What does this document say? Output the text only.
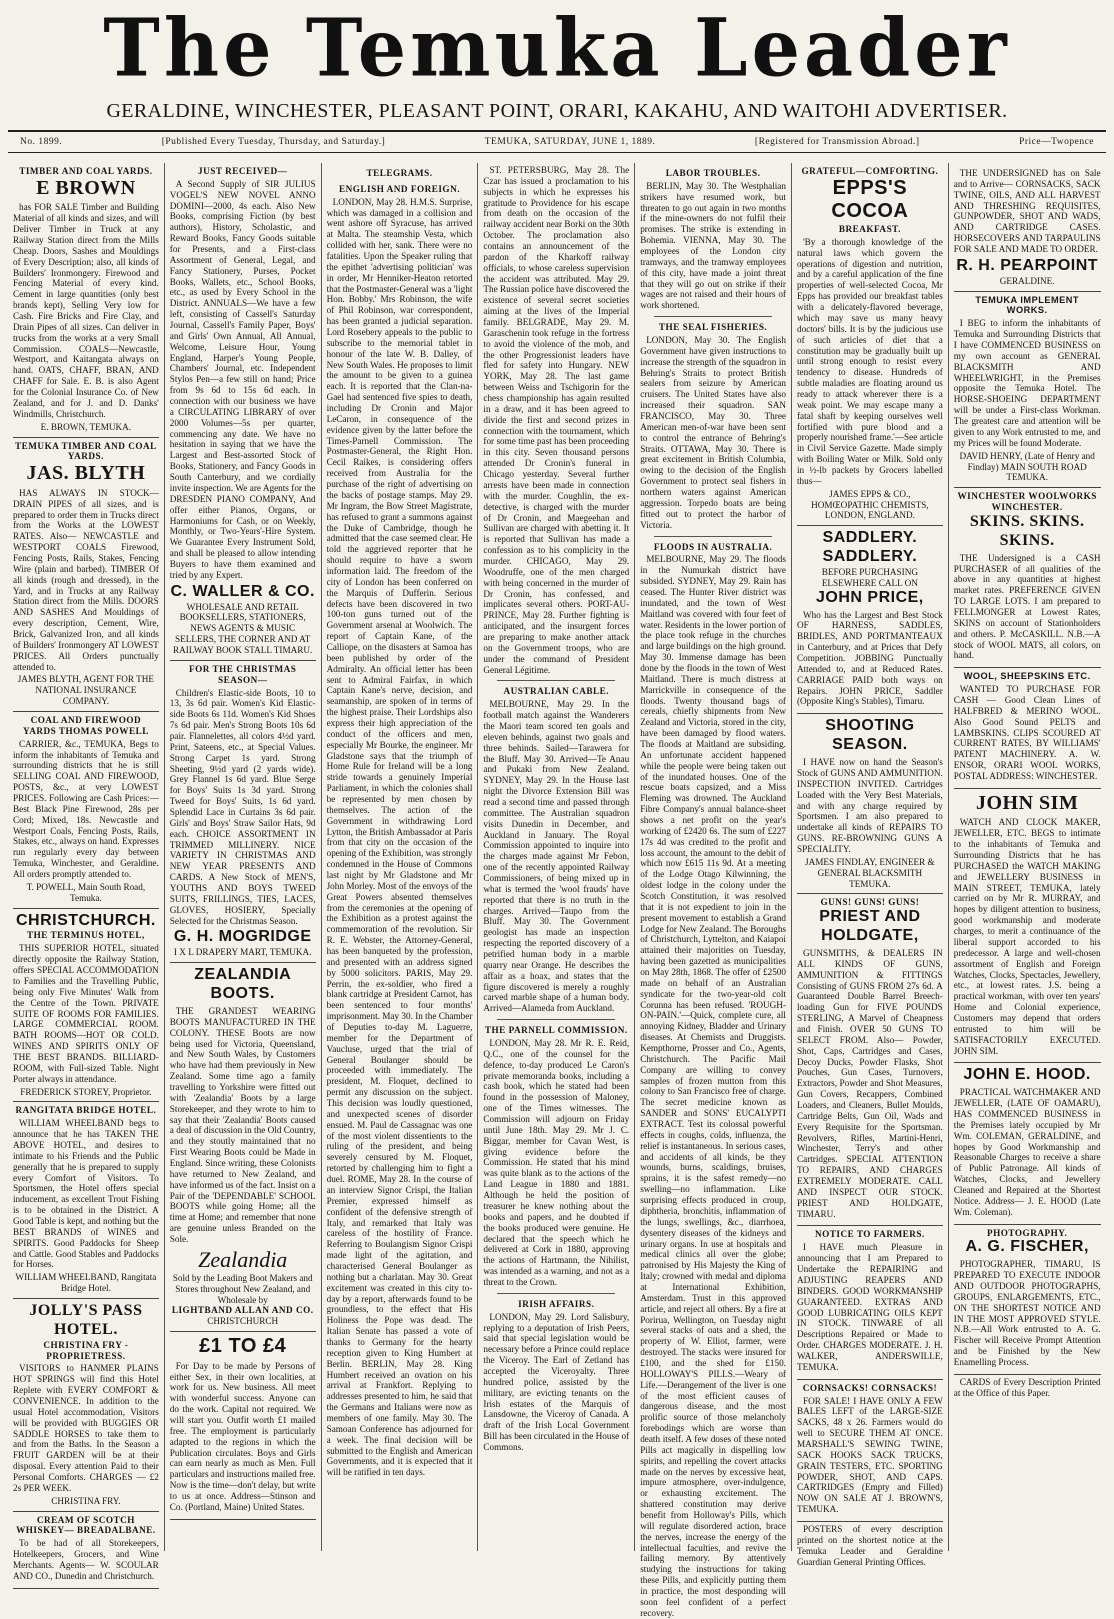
The Temuka Leader
GERALDINE, WINCHESTER, PLEASANT POINT, ORARI, KAKAHU, AND WAITOHI ADVERTISER.
No. 1899.	[Published Every Tuesday, Thursday, and Saturday.]	TEMUKA, SATURDAY, JUNE 1, 1889.	[Registered for Transmission Abroad.]	Price—Twopence
TIMBER AND COAL YARDS.
E BROWN

has FOR SALE Timber and Building Material of all kinds and sizes, and will Deliver Timber in Truck at any Railway Station direct from the Mills Cheap. Doors, Sashes and Mouldings of Every Description; also, all kinds of Builders' Ironmongery. Firewood and Fencing Material of every kind. Cement in large quantities (only best brands kept), Selling Very low for Cash. Fire Bricks and Fire Clay, and Drain Pipes of all sizes. Can deliver in trucks from the works at a very Small Commission. COALS—Newcastle, Westport, and Kaitangata always on hand. OATS, CHAFF, BRAN, AND CHAFF for Sale. E. B. is also Agent for the Colonial Insurance Co. of New Zealand, and for J. and D. Danks' Windmills, Christchurch.

E. BROWN, TEMUKA.
TEMUKA TIMBER AND COAL YARDS.
JAS. BLYTH

HAS ALWAYS IN STOCK— DRAIN PIPES of all sizes, and is prepared to order them in Trucks direct from the Works at the LOWEST RATES. Also— NEWCASTLE and WESTPORT COALS Firewood, Fencing Posts, Rails, Stakes, Fencing Wire (plain and barbed). TIMBER Of all kinds (rough and dressed), in the Yard, and in Trucks at any Railway Station direct from the Mills. DOORS AND SASHES And Mouldings of every description, Cement, Wire, Brick, Galvanized Iron, and all kinds of Builders' Ironmongery AT LOWEST PRICES. All Orders punctually attended to.

JAMES BLYTH, AGENT FOR THE NATIONAL INSURANCE COMPANY.
COAL AND FIREWOOD YARDS THOMAS POWELL

CARRIER, &c., TEMUKA, Begs to inform the inhabitants of Temuka and surrounding districts that he is still SELLING COAL AND FIREWOOD, POSTS, &c., at very LOWEST PRICES. Following are Cash Prices:—Best Black Pine Firewood, 28s per Cord; Mixed, 18s. Newcastle and Westport Coals, Fencing Posts, Rails, Stakes, etc., always on hand. Expresses run regularly every day between Temuka, Winchester, and Geraldine. All orders promptly attended to.

T. POWELL, Main South Road, Temuka.
CHRISTCHURCH.
THE TERMINUS HOTEL,

THIS SUPERIOR HOTEL, situated directly opposite the Railway Station, offers SPECIAL ACCOMMODATION to Families and the Travelling Public, being only Five Minutes' Walk from the Centre of the Town. PRIVATE SUITE OF ROOMS FOR FAMILIES. LARGE COMMERCIAL ROOM. BATH ROOMS—HOT OR COLD. WINES AND SPIRITS ONLY OF THE BEST BRANDS. BILLIARD-ROOM, with Full-sized Table. Night Porter always in attendance.

FREDERICK STOREY, Proprietor.
RANGITATA BRIDGE HOTEL.

WILLIAM WHEELBAND begs to announce that he has TAKEN THE ABOVE HOTEL, and desires to intimate to his Friends and the Public generally that he is prepared to supply every Comfort of Visitors. To Sportsmen, the Hotel offers special inducement, as excellent Trout Fishing is to be obtained in the District. A Good Table is kept, and nothing but the BEST BRANDS of WINES and SPIRITS. Good Paddocks for Sheep and Cattle. Good Stables and Paddocks for Horses.

WILLIAM WHEELBAND, Rangitata Bridge Hotel.
JOLLY'S PASS HOTEL.
CHRISTINA FRY - PROPRIETRESS.

VISITORS to HANMER PLAINS HOT SPRINGS will find this Hotel Replete with EVERY COMFORT & CONVENIENCE. In addition to the usual Hotel accommodation, Visitors will be provided with BUGGIES OR SADDLE HORSES to take them to and from the Baths. In the Season a FRUIT GARDEN will be at their disposal. Every attention Paid to their Personal Comforts. CHARGES — £2 2s PER WEEK.

CHRISTINA FRY.
CREAM OF SCOTCH WHISKEY— BREADALBANE.

To be had of all Storekeepers, Hotelkeepers, Grocers, and Wine Merchants. Agents— W. SCOULAR AND CO., Dunedin and Christchurch.

JUST RECEIVED—

A Second Supply of SIR JULIUS VOGEL'S NEW NOVEL ANNO DOMINI—2000, 4s each. Also New Books, comprising Fiction (by best authors), History, Scholastic, and Reward Books, Fancy Goods suitable for Presents, and a First-class Assortment of General, Legal, and Fancy Stationery, Purses, Pocket Books, Wallets, etc., School Books, etc., as used by Every School in the District. ANNUALS—We have a few left, consisting of Cassell's Saturday Journal, Cassell's Family Paper, Boys' and Girls' Own Annual, All Annual, Welcome, Leisure Hour, Young England, Harper's Young People, Chambers' Journal, etc. Independent Stylos Pen—a few still on hand; Price from 9s 6d to 15s 6d each. In connection with our business we have a CIRCULATING LIBRARY of over 2000 Volumes—5s per quarter, commencing any date. We have no hesitation in saying that we have the Largest and Best-assorted Stock of Books, Stationery, and Fancy Goods in South Canterbury, and we cordially invite inspection. We are Agents for the DRESDEN PIANO COMPANY, And offer either Pianos, Organs, or Harmoniums for Cash, or on Weekly, Monthly, or Two-Years'-Hire System. We Guarantee Every Instrument Sold, and shall be pleased to allow intending Buyers to have them examined and tried by any Expert.

C. WALLER & CO.
WHOLESALE AND RETAIL BOOKSELLERS, STATIONERS, NEWS AGENTS & MUSIC SELLERS, THE CORNER AND AT RAILWAY BOOK STALL TIMARU.
FOR THE CHRISTMAS SEASON—

Children's Elastic-side Boots, 10 to 13, 3s 6d pair. Women's Kid Elastic-side Boots 6s 11d. Women's Kid Shoes 7s 6d pair. Men's Strong Boots 10s 6d pair. Flannelettes, all colors 4½d yard. Print, Sateens, etc., at Special Values. Strong Carpet 1s yard. Strong Sheeting, 9½d yard (2 yards wide). Grey Flannel 1s 6d yard. Blue Serge for Boys' Suits 1s 3d yard. Strong Tweed for Boys' Suits, 1s 6d yard. Splendid Lace in Curtains 3s 6d pair. Girls' and Boys' Straw Sailor Hats, 9d each. CHOICE ASSORTMENT IN TRIMMED MILLINERY. NICE VARIETY IN CHRISTMAS AND NEW YEAR PRESENTS AND CARDS. A New Stock of MEN'S, YOUTHS AND BOYS TWEED SUITS, FRILLINGS, TIES, LACES, GLOVES, HOSIERY, Specially Selected for the Christmas Season.

G. H. MOGRIDGE
I X L DRAPERY MART, TEMUKA.
ZEALANDIA BOOTS.

THE GRANDEST WEARING BOOTS MANUFACTURED IN THE COLONY. THESE Boots are now being used for Victoria, Queensland, and New South Wales, by Customers who have had them previously in New Zealand. Some time ago a family travelling to Yorkshire were fitted out with 'Zealandia' Boots by a large Storekeeper, and they wrote to him to say that their 'Zealandia' Boots caused a deal of discussion in the Old Country, and they stoutly maintained that no First Wearing Boots could be Made in England. Since writing, these Colonists have returned to New Zealand, and have informed us of the fact. Insist on a Pair of the 'DEPENDABLE' SCHOOL BOOTS while going Home; all the time at Home; and remember that none are genuine unless Branded on the Sole.

Zealandia
Sold by the Leading Boot Makers and Stores throughout New Zealand, and Wholesale by
LIGHTBAND ALLAN AND CO.
CHRISTCHURCH
£1 TO £4

For Day to be made by Persons of either Sex, in their own localities, at work for us. New business. All meet with wonderful success. Anyone can do the work. Capital not required. We will start you. Outfit worth £1 mailed free. The employment is particularly adapted to the regions in which the Publication circulates. Boys and Girls can earn nearly as much as Men. Full particulars and instructions mailed free. Now is the time—don't delay, but write to us at once. Address—Stinson and Co. (Portland, Maine) United States.

TELEGRAMS.
ENGLISH AND FOREIGN.

LONDON, May 28. H.M.S. Surprise, which was damaged in a collision and went ashore off Syracuse, has arrived at Malta. The steamship Vesta, which collided with her, sank. There were no fatalities. Upon the Speaker ruling that the epithet 'advertising politician' was in order, Mr Henniker-Heaton retorted that the Postmaster-General was a 'light Hon. Bobby.' Mrs Robinson, the wife of Phil Robinson, war correspondent, has been granted a judicial separation. Lord Rosebery appeals to the public to subscribe to the memorial tablet in honour of the late W. B. Dalley, of New South Wales. He proposes to limit the amount to be given to a guinea each. It is reported that the Clan-na-Gael had sentenced five spies to death, including Dr Cronin and Major LeCaron, in consequence of the evidence given by the latter before the Times-Parnell Commission. The Postmaster-General, the Right Hon. Cecil Raikes, is considering offers received from Australia for the purchase of the right of advertising on the backs of postage stamps. May 29. Mr Ingram, the Bow Street Magistrate, has refused to grant a summons against the Duke of Cambridge, though he admitted that the case seemed clear. He told the aggrieved reporter that he should require to have a sworn information laid. The freedom of the city of London has been conferred on the Marquis of Dufferin. Serious defects have been discovered in two 100-ton guns turned out of the Government arsenal at Woolwich. The report of Captain Kane, of the Calliope, on the disasters at Samoa has been published by order of the Admiralty. An official letter has been sent to Admiral Fairfax, in which Captain Kane's nerve, decision, and seamanship, are spoken of in terms of the highest praise. Their Lordships also express their high appreciation of the conduct of the officers and men, especially Mr Bourke, the engineer. Mr Gladstone says that the triumph of Home Rule for Ireland will be a long stride towards a genuinely Imperial Parliament, in which the colonies shall be represented by men chosen by themselves. The action of the Government in withdrawing Lord Lytton, the British Ambassador at Paris from that city on the occasion of the opening of the Exhibition, was strongly condemned in the House of Commons last night by Mr Gladstone and Mr John Morley. Most of the envoys of the Great Powers absented themselves from the ceremonies at the opening of the Exhibition as a protest against the commemoration of the revolution. Sir R. E. Webster, the Attorney-General, has been banqueted by the profession, and presented with an address signed by 5000 solicitors. PARIS, May 29. Perrin, the ex-soldier, who fired a blank cartridge at President Carnot, has been sentenced to four months' imprisonment. May 30. In the Chamber of Deputies to-day M. Laguerre, member for the Department of Vaucluse, urged that the trial of General Boulanger should be proceeded with immediately. The president, M. Floquet, declined to permit any discussion on the subject. This decision was loudly questioned, and unexpected scenes of disorder ensued. M. Paul de Cassagnac was one of the most violent dissentients to the ruling of the president, and being severely censured by M. Floquet, retorted by challenging him to fight a duel. ROME, May 28. In the course of an interview Signor Crispi, the Italian Premier, expressed himself as confident of the defensive strength of Italy, and remarked that Italy was careless of the hostility of France. Referring to Boulangism Signor Crispi made light of the agitation, and characterised General Boulanger as nothing but a charlatan. May 30. Great excitement was created in this city to-day by a report, afterwards found to be groundless, to the effect that His Holiness the Pope was dead. The Italian Senate has passed a vote of thanks to Germany for the hearty reception given to King Humbert at Berlin. BERLIN, May 28. King Humbert received an ovation on his arrival at Frankfort. Replying to addresses presented to him, he said that the Germans and Italians were now as members of one family. May 30. The Samoan Conference has adjourned for a week. The final decision will be submitted to the English and American Governments, and it is expected that it will be ratified in ten days.

ST. PETERSBURG, May 28. The Czar has issued a proclamation to his subjects in which he expresses his gratitude to Providence for his escape from death on the occasion of the railway accident near Borki on the 30th October. The proclamation also contains an announcement of the pardon of the Kharkoff railway officials, to whose careless supervision the accident was attributed. May 29. The Russian police have discovered the existence of several secret societies aiming at the lives of the Imperial family. BELGRADE, May 29. M. Garaschenin took refuge in the fortress to avoid the violence of the mob, and the other Progressionist leaders have fled for safety into Hungary. NEW YORK, May 28. The last game between Weiss and Tschigorin for the chess championship has again resulted in a draw, and it has been agreed to divide the first and second prizes in connection with the tournament, which for some time past has been proceeding in this city. Seven thousand persons attended Dr Cronin's funeral in Chicago yesterday. Several further arrests have been made in connection with the murder. Coughlin, the ex-detective, is charged with the murder of Dr Cronin, and Maegeehan and Sullivan are charged with abetting it. It is reported that Sullivan has made a confession as to his complicity in the murder. CHICAGO, May 29. Woodruffe, one of the men charged with being concerned in the murder of Dr Cronin, has confessed, and implicates several others. PORT-AU-PRINCE, May 28. Further fighting is anticipated, and the insurgent forces are preparing to make another attack on the Government troops, who are under the command of President General Légitime.

AUSTRALIAN CABLE.

MELBOURNE, May 29. In the football match against the Wanderers the Maori team scored ten goals and eleven behinds, against two goals and three behinds. Sailed—Tarawera for the Bluff. May 30. Arrived—Te Anau and Pukaki from New Zealand. SYDNEY, May 29. In the House last night the Divorce Extension Bill was read a second time and passed through committee. The Australian squadron visits Dunedin in December, and Auckland in January. The Royal Commission appointed to inquire into the charges made against Mr Febon, one of the recently appointed Railway Commissioners, of being mixed up in what is termed the 'wool frauds' have reported that there is no truth in the charges. Arrived—Taupo from the Bluff. May 30. The Government geologist has made an inspection respecting the reported discovery of a petrified human body in a marble quarry near Orange. He describes the affair as a hoax, and states that the figure discovered is merely a roughly carved marble shape of a human body. Arrived—Alameda from Auckland.

THE PARNELL COMMISSION.

LONDON, May 28. Mr R. E. Reid, Q.C., one of the counsel for the defence, to-day produced Le Caron's private memoranda books, including a cash book, which he stated had been found in the possession of Maloney, one of the Times witnesses. The Commission will adjourn on Friday until June 18th. May 29. Mr J. C. Biggar, member for Cavan West, is giving evidence before the Commission. He stated that his mind was quite blank as to the actions of the Land League in 1880 and 1881. Although he held the position of treasurer he knew nothing about the books and papers, and he doubted if the books produced were genuine. He declared that the speech which he delivered at Cork in 1880, approving the actions of Hartmann, the Nihilist, was intended as a warning, and not as a threat to the Crown.

IRISH AFFAIRS.

LONDON, May 29. Lord Salisbury, replying to a deputation of Irish Peers, said that special legislation would be necessary before a Prince could replace the Viceroy. The Earl of Zetland has accepted the Viceroyalty. Three hundred police, assisted by the military, are evicting tenants on the Irish estates of the Marquis of Lansdowne, the Viceroy of Canada. A draft of the Irish Local Government Bill has been circulated in the House of Commons.

LABOR TROUBLES.

BERLIN, May 30. The Westphalian strikers have resumed work, but threaten to go out again in two months if the mine-owners do not fulfil their promises. The strike is extending in Bohemia. VIENNA, May 30. The employees of the London city tramways, and the tramway employees of this city, have made a joint threat that they will go out on strike if their wages are not raised and their hours of work shortened.

THE SEAL FISHERIES.

LONDON, May 30. The English Government have given instructions to increase the strength of the squadron in Behring's Straits to protect British sealers from seizure by American cruisers. The United States have also increased their squadron. SAN FRANCISCO, May 30. Three American men-of-war have been sent to control the entrance of Behring's Straits. OTTAWA, May 30. There is great excitement in British Columbia, owing to the decision of the English Government to protect seal fishers in northern waters against American aggression. Torpedo boats are being fitted out to protect the harbor of Victoria.

FLOODS IN AUSTRALIA.

MELBOURNE, May 29. The floods in the Numurkah district have subsided. SYDNEY, May 29. Rain has ceased. The Hunter River district was inundated, and the town of West Maitland was covered with four feet of water. Residents in the lower portion of the place took refuge in the churches and large buildings on the high ground. May 30. Immense damage has been done by the floods in the town of West Maitland. There is much distress at Marrickville in consequence of the floods. Twenty thousand bags of cereals, chiefly shipments from New Zealand and Victoria, stored in the city, have been damaged by flood waters. The floods at Maitland are subsiding. An unfortunate accident happened while the people were being taken out of the inundated houses. One of the rescue boats capsized, and a Miss Fleming was drowned. The Auckland Fibre Company's annual balance-sheet shows a net profit on the year's working of £2420 6s. The sum of £227 17s 4d was credited to the profit and loss account, the amount to the debit of which now £615 11s 9d. At a meeting of the Lodge Otago Kilwinning, the oldest lodge in the colony under the Scotch Constitution, it was resolved that it is not expedient to join in the present movement to establish a Grand Lodge for New Zealand. The Boroughs of Christchurch, Lyttelton, and Kaiapoi attained their majorities on Tuesday, having been gazetted as municipalities on May 28th, 1868. The offer of £2500 made on behalf of an Australian syndicate for the two-year-old colt Corunna has been refused. 'ROUGH-ON-PAIN.'—Quick, complete cure, all annoying Kidney, Bladder and Urinary diseases. At Chemists and Druggists. Kempthorne, Prosser and Co., Agents, Christchurch. The Pacific Mail Company are willing to convey samples of frozen mutton from this colony to San Francisco free of charge. The secret medicine known as SANDER and SONS' EUCALYPTI EXTRACT. Test its colossal powerful effects in coughs, colds, influenza, the relief is instantaneous. In serious cases, and accidents of all kinds, be they wounds, burns, scaldings, bruises, sprains, it is the safest remedy—no swelling—no inflammation. Like surprising effects produced in croup, diphtheria, bronchitis, inflammation of the lungs, swellings, &c., diarrhoea, dysentery diseases of the kidneys and urinary organs. In use at hospitals and medical clinics all over the globe; patronised by His Majesty the King of Italy; crowned with medal and diploma at International Exhibition, Amsterdam. Trust in this approved article, and reject all others. By a fire at Porirua, Wellington, on Tuesday night several stacks of oats and a shed, the property of W. Elliot, farmer, were destroyed. The stacks were insured for £100, and the shed for £150. HOLLOWAY'S PILLS.—Weary of Life.—Derangement of the liver is one of the most efficient causes of dangerous disease, and the most prolific source of those melancholy forebodings which are worse than death itself. A few doses of these noted Pills act magically in dispelling low spirits, and repelling the covert attacks made on the nerves by excessive heat, impure atmosphere, over-indulgence, or exhausting excitement. The shattered constitution may derive benefit from Holloway's Pills, which will regulate disordered action, brace the nerves, increase the energy of the intellectual faculties, and revive the failing memory. By attentively studying the instructions for taking these Pills, and explicitly putting them in practice, the most desponding will soon feel confident of a perfect recovery.

GRATEFUL—COMFORTING.
EPPS'S COCOA
BREAKFAST.

'By a thorough knowledge of the natural laws which govern the operations of digestion and nutrition, and by a careful application of the fine properties of well-selected Cocoa, Mr Epps has provided our breakfast tables with a delicately-flavored beverage, which may save us many heavy doctors' bills. It is by the judicious use of such articles of diet that a constitution may be gradually built up until strong enough to resist every tendency to disease. Hundreds of subtle maladies are floating around us ready to attack wherever there is a weak point. We may escape many a fatal shaft by keeping ourselves well fortified with pure blood and a properly nourished frame.'—See article in Civil Service Gazette. Made simply with Boiling Water or Milk. Sold only in ½-lb packets by Grocers labelled thus—

JAMES EPPS & CO., HOMŒOPATHIC CHEMISTS, LONDON, ENGLAND.
SADDLERY. SADDLERY.
BEFORE PURCHASING ELSEWHERE CALL ON
JOHN PRICE,

Who has the Largest and Best Stock OF HARNESS, SADDLES, BRIDLES, AND PORTMANTEAUX in Canterbury, and at Prices that Defy Competition. JOBBING Punctually Attended to, and at Reduced Rates. CARRIAGE PAID both ways on Repairs. JOHN PRICE, Saddler (Opposite King's Stables), Timaru.

SHOOTING SEASON.

I HAVE now on hand the Season's Stock of GUNS AND AMMUNITION. INSPECTION INVITED. Cartridges Loaded with the Very Best Materials, and with any charge required by Sportsmen. I am also prepared to undertake all kinds of REPAIRS TO GUNS. RE-BROWNING GUNS A SPECIALITY.

JAMES FINDLAY, ENGINEER & GENERAL BLACKSMITH TEMUKA.
GUNS! GUNS! GUNS!
PRIEST AND HOLDGATE,

GUNSMITHS, & DEALERS IN ALL KINDS OF GUNS, AMMUNITION & FITTINGS Consisting of GUNS FROM 27s 6d. A Guaranteed Double Barrel Breech-loading Gun for FIVE POUNDS STERLING, A Marvel of Cheapness and Finish. OVER 50 GUNS TO SELECT FROM. Also— Powder, Shot, Caps, Cartridges and Cases, Decoy Ducks, Powder Flasks, Shot Pouches, Gun Cases, Turnovers, Extractors, Powder and Shot Measures, Gun Covers, Recappers, Combined Loaders, and Cleaners, Bullet Moulds, Cartridge Belts, Gun Oil, Wads and Every Requisite for the Sportsman. Revolvers, Rifles, Martini-Henri, Winchester, Terry's and other Cartridges. SPECIAL ATTENTION TO REPAIRS, AND CHARGES EXTREMELY MODERATE. CALL AND INSPECT OUR STOCK. PRIEST AND HOLDGATE, TIMARU.

NOTICE TO FARMERS.

I HAVE much Pleasure in announcing that I am Prepared to Undertake the REPAIRING and ADJUSTING REAPERS AND BINDERS. GOOD WORKMANSHIP GUARANTEED. EXTRAS AND GOOD LUBRICATING OILS KEPT IN STOCK. TINWARE of all Descriptions Repaired or Made to Order. CHARGES MODERATE. J. H. WALKER, ANDERSWILLE, TEMUKA.

CORNSACKS! CORNSACKS!

FOR SALE! I HAVE ONLY A FEW BALES LEFT of the LARGE-SIZE SACKS, 48 x 26. Farmers would do well to SECURE THEM AT ONCE. MARSHALL'S SEWING TWINE, SACK HOOKS SACK TRUCKS, GRAIN TESTERS, ETC. SPORTING POWDER, SHOT, AND CAPS. CARTRIDGES (Empty and Filled) NOW ON SALE AT J. BROWN'S, TEMUKA.

POSTERS of every description printed on the shortest notice at the Temuka Leader and Geraldine Guardian General Printing Offices.

THE UNDERSIGNED has on Sale and to Arrive— CORNSACKS, SACK TWINE, OILS, AND ALL HARVEST AND THRESHING REQUISITES, GUNPOWDER, SHOT AND WADS, AND CARTRIDGE CASES. HORSECOVERS AND TARPAULINS FOR SALE AND MADE TO ORDER.

R. H. PEARPOINT
GERALDINE.
TEMUKA IMPLEMENT WORKS.

I BEG to inform the inhabitants of Temuka and Surrounding Districts that I have COMMENCED BUSINESS on my own account as GENERAL BLACKSMITH AND WHEELWRIGHT, in the Premises opposite the Temuka Hotel. The HORSE-SHOEING DEPARTMENT will be under a First-class Workman. The greatest care and attention will be given to any Work entrusted to me, and my Prices will be found Moderate.

DAVID HENRY, (Late of Henry and Findlay) MAIN SOUTH ROAD TEMUKA.
WINCHESTER WOOLWORKS WINCHESTER.
SKINS. SKINS. SKINS.

THE Undersigned is a CASH PURCHASER of all qualities of the above in any quantities at highest market rates. PREFERENCE GIVEN TO LARGE LOTS. I am prepared to FELLMONGER at Lowest Rates, SKINS on account of Stationholders and others. P. McCASKILL. N.B.—A stock of WOOL MATS, all colors, on hand.

WOOL, SHEEPSKINS ETC.

WANTED TO PURCHASE FOR CASH — Good Clean Lines of HALFBRED & MERINO WOOL. Also Good Sound PELTS and LAMBSKINS. CLIPS SCOURED AT CURRENT RATES, BY WILLIAMS' PATENT MACHINERY. A. W. ENSOR, ORARI WOOL WORKS, POSTAL ADDRESS: WINCHESTER.

JOHN SIM

WATCH AND CLOCK MAKER, JEWELLER, ETC. BEGS to intimate to the inhabitants of Temuka and Surrounding Districts that he has PURCHASED the WATCH MAKING and JEWELLERY BUSINESS in MAIN STREET, TEMUKA, lately carried on by Mr R. MURRAY, and hopes by diligent attention to business, good workmanship and moderate charges, to merit a continuance of the liberal support accorded to his predecessor. A large and well-chosen assortment of English and Foreign Watches, Clocks, Spectacles, Jewellery, etc., at lowest rates. J.S. being a practical workman, with over ten years' Home and Colonial experience, Customers may depend that orders entrusted to him will be SATISFACTORILY EXECUTED. JOHN SIM.

JOHN E. HOOD.

PRACTICAL WATCHMAKER AND JEWELLER, (LATE OF OAMARU), HAS COMMENCED BUSINESS in the Premises lately occupied by Mr Wm. COLEMAN, GERALDINE, and hopes by Good Workmanship and Reasonable Charges to receive a share of Public Patronage. All kinds of Watches, Clocks, and Jewellery Cleaned and Repaired at the Shortest Notice. Address— J. E. HOOD (Late Wm. Coleman).

PHOTOGRAPHY.
A. G. FISCHER,

PHOTOGRAPHER, TIMARU, IS PREPARED TO EXECUTE INDOOR AND OUTDOOR PHOTOGRAPHS, GROUPS, ENLARGEMENTS, ETC., ON THE SHORTEST NOTICE AND IN THE MOST APPROVED STYLE. N.B.—All Work entrusted to A. G. Fischer will Receive Prompt Attention and be Finished by the New Enamelling Process.

CARDS of Every Description Printed at the Office of this Paper.
